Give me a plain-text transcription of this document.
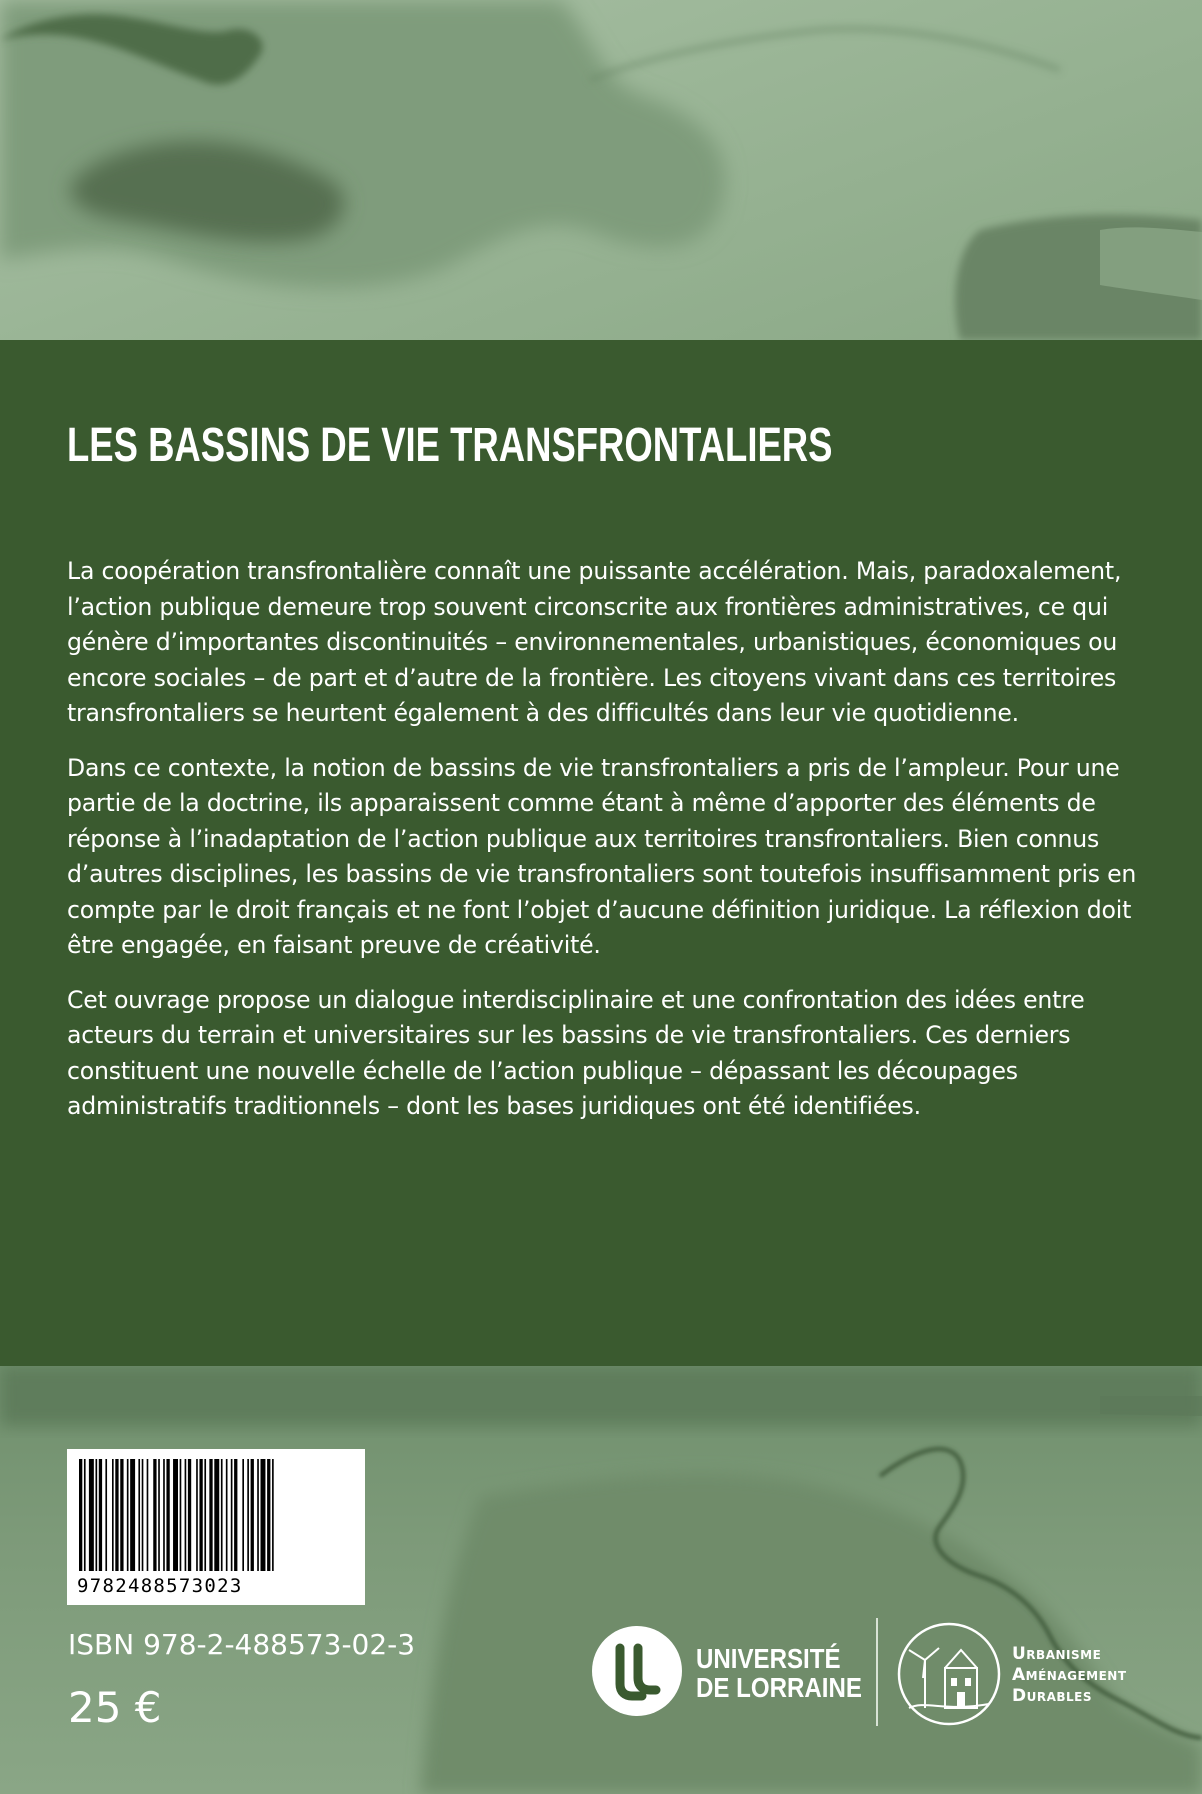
LES BASSINS DE VIE TRANSFRONTALIERS

La coopération transfrontalière connaît une puissante accélération. Mais, paradoxalement, l’action publique demeure trop souvent circonscrite aux frontières administratives, ce qui génère d’importantes discontinuités – environnementales, urbanistiques, économiques ou encore sociales – de part et d’autre de la frontière. Les citoyens vivant dans ces territoires transfrontaliers se heurtent également à des difficultés dans leur vie quotidienne.

Dans ce contexte, la notion de bassins de vie transfrontaliers a pris de l’ampleur. Pour une partie de la doctrine, ils apparaissent comme étant à même d’apporter des éléments de réponse à l’inadaptation de l’action publique aux territoires transfrontaliers. Bien connus d’autres disciplines, les bassins de vie transfrontaliers sont toutefois insuffisamment pris en compte par le droit français et ne font l’objet d’aucune définition juridique. La réflexion doit être engagée, en faisant preuve de créativité.

Cet ouvrage propose un dialogue interdisciplinaire et une confrontation des idées entre acteurs du terrain et universitaires sur les bassins de vie transfrontaliers. Ces derniers constituent une nouvelle échelle de l’action publique – dépassant les découpages administratifs traditionnels – dont les bases juridiques ont été identifiées.

9782488573023
ISBN 978-2-488573-02-3
25 €
UNIVERSITÉ
DE LORRAINE
Urbanisme
Aménagement
Durables
